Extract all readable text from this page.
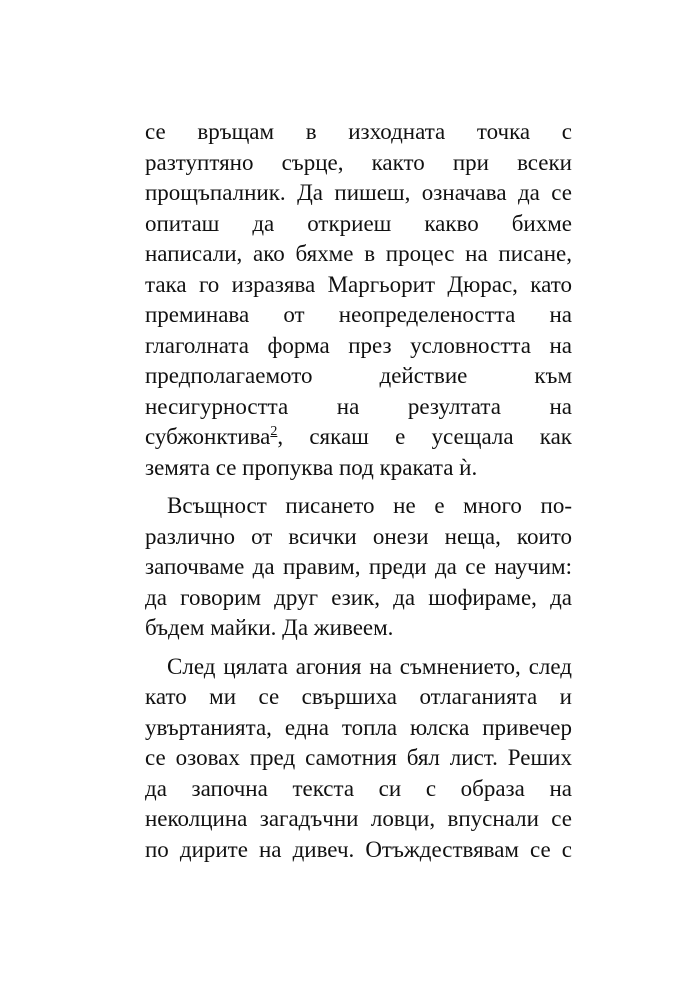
се връщам в изходната точка с
разтуптяно сърце, както при всеки
прощъпалник. Да пишеш, означава да се
опиташ да откриеш какво бихме
написали, ако бяхме в процес на писане,
така го изразява Маргьорит Дюрас, като
преминава от неопределеността на
глаголната форма през условността на
предполагаемото действие към
несигурността на резултата на
субжонктива$^2$, сякаш е усещала как
земята се пропуква под краката ѝ.
Всъщност писането не е много по-
различно от всички онези неща, които
започваме да правим, преди да се научим:
да говорим друг език, да шофираме, да
бъдем майки. Да живеем.
След цялата агония на съмнението, след
като ми се свършиха отлаганията и
увъртанията, една топла юлска привечер
се озовах пред самотния бял лист. Реших
да започна текста си с образа на
неколцина загадъчни ловци, впуснали се
по дирите на дивеч. Отъждествявам се с
